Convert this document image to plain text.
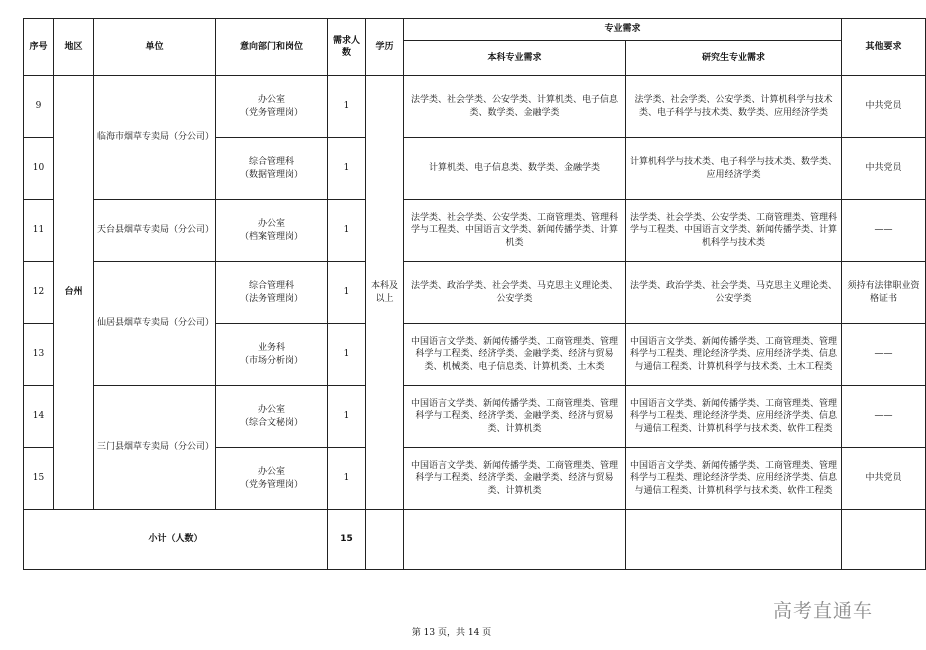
序号	地区	单位	意向部门和岗位	需求人数	学历	专业需求		其他要求
						本科专业需求	研究生专业需求	
9	台州	临海市烟草专卖局（分公司）	办公室
（党务管理岗）	1	本科及以上	法学类、社会学类、公安学类、计算机类、电子信息类、数学类、金融学类	法学类、社会学类、公安学类、计算机科学与技术类、电子科学与技术类、数学类、应用经济学类	中共党员
10			综合管理科
（数据管理岗）	1		计算机类、电子信息类、数学类、金融学类	计算机科学与技术类、电子科学与技术类、数学类、应用经济学类	中共党员
11		天台县烟草专卖局（分公司）	办公室
（档案管理岗）	1		法学类、社会学类、公安学类、工商管理类、管理科学与工程类、中国语言文学类、新闻传播学类、计算机类	法学类、社会学类、公安学类、工商管理类、管理科学与工程类、中国语言文学类、新闻传播学类、计算机科学与技术类	——
12		仙居县烟草专卖局（分公司）	综合管理科
（法务管理岗）	1		法学类、政治学类、社会学类、马克思主义理论类、公安学类	法学类、政治学类、社会学类、马克思主义理论类、公安学类	须持有法律职业资格证书
13			业务科
（市场分析岗）	1		中国语言文学类、新闻传播学类、工商管理类、管理科学与工程类、经济学类、金融学类、经济与贸易类、机械类、电子信息类、计算机类、土木类	中国语言文学类、新闻传播学类、工商管理类、管理科学与工程类、理论经济学类、应用经济学类、信息与通信工程类、计算机科学与技术类、土木工程类	——
14		三门县烟草专卖局（分公司）	办公室
（综合文秘岗）	1		中国语言文学类、新闻传播学类、工商管理类、管理科学与工程类、经济学类、金融学类、经济与贸易类、计算机类	中国语言文学类、新闻传播学类、工商管理类、管理科学与工程类、理论经济学类、应用经济学类、信息与通信工程类、计算机科学与技术类、软件工程类	——
15			办公室
（党务管理岗）	1		中国语言文学类、新闻传播学类、工商管理类、管理科学与工程类、经济学类、金融学类、经济与贸易类、计算机类	中国语言文学类、新闻传播学类、工商管理类、管理科学与工程类、理论经济学类、应用经济学类、信息与通信工程类、计算机科学与技术类、软件工程类	中共党员
小计（人数）				15				
高考直通车
第 13 页，共 14 页
